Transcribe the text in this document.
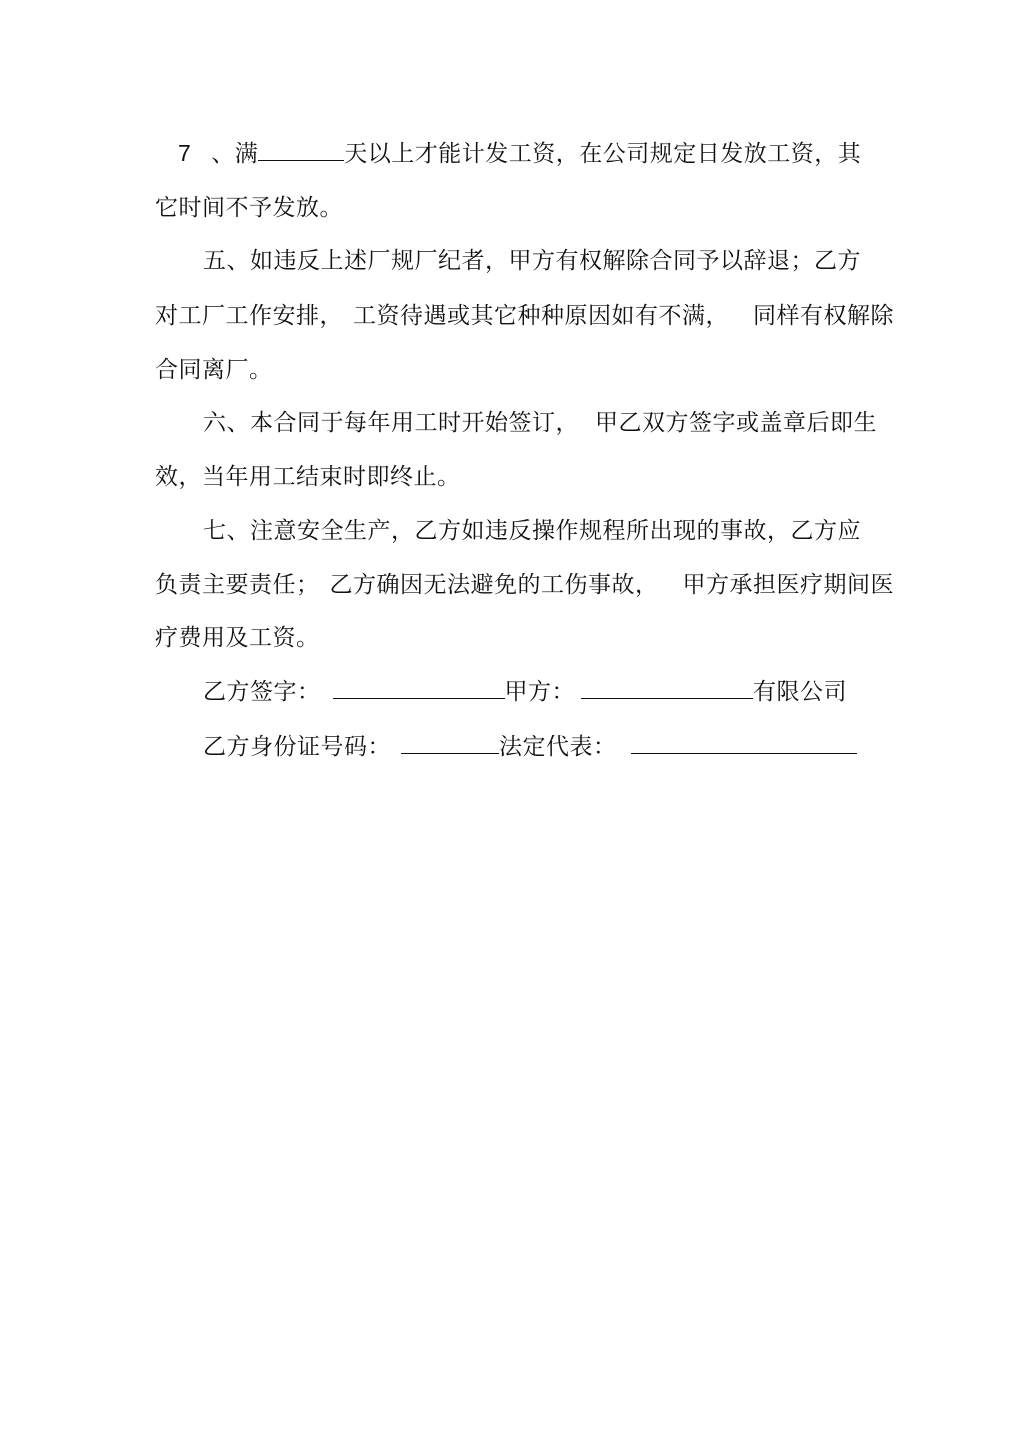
7 、满	天以上才能计发工资，在公司规定日发放工资，其
它时间不予发放。
五、如违反上述厂规厂纪者，甲方有权解除合同予以辞退；乙方
对工厂工作安排， 工资待遇或其它种种原因如有不满， 同样有权解除
合同离厂。
六、本合同于每年用工时开始签订， 甲乙双方签字或盖章后即生
效，当年用工结束时即终止。
七、注意安全生产，乙方如违反操作规程所出现的事故，乙方应
负责主要责任； 乙方确因无法避免的工伤事故， 甲方承担医疗期间医
疗费用及工资。
乙方签字：	甲方：	有限公司
乙方身份证号码：	法定代表：
